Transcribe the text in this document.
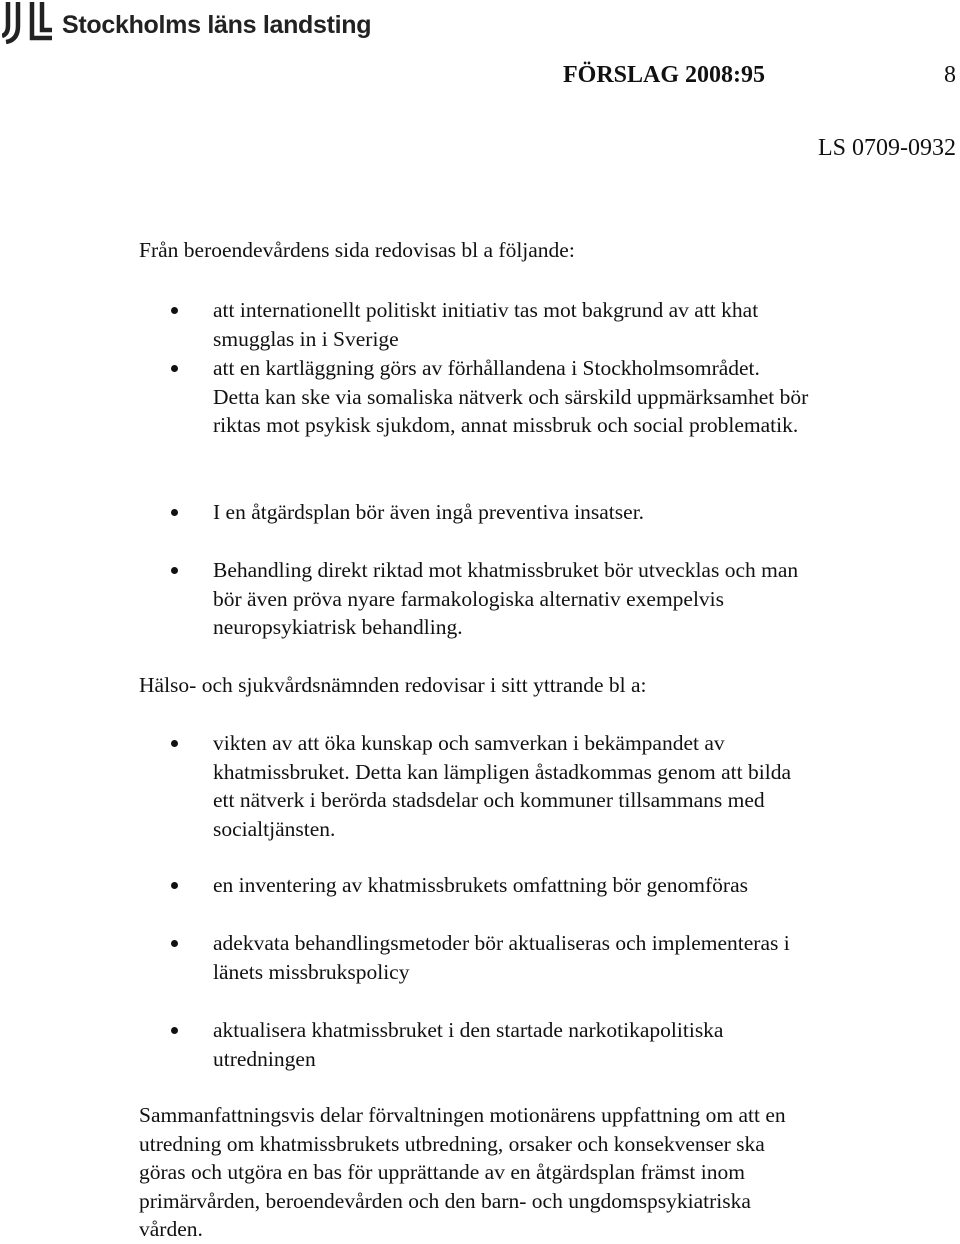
Stockholms läns landsting
FÖRSLAG 2008:95	8
LS 0709-0932
Från beroendevårdens sida redovisas bl a följande:
att internationellt politiskt initiativ tas mot bakgrund av att khat
smugglas in i Sverige
att en kartläggning görs av förhållandena i Stockholmsområdet.
Detta kan ske via somaliska nätverk och särskild uppmärksamhet bör
riktas mot psykisk sjukdom, annat missbruk och social problematik.
I en åtgärdsplan bör även ingå preventiva insatser.
Behandling direkt riktad mot khatmissbruket bör utvecklas och man
bör även pröva nyare farmakologiska alternativ exempelvis
neuropsykiatrisk behandling.
Hälso- och sjukvårdsnämnden redovisar i sitt yttrande bl a:
vikten av att öka kunskap och samverkan i bekämpandet av
khatmissbruket. Detta kan lämpligen åstadkommas genom att bilda
ett nätverk i berörda stadsdelar och kommuner tillsammans med
socialtjänsten.
en inventering av khatmissbrukets omfattning bör genomföras
adekvata behandlingsmetoder bör aktualiseras och implementeras i
länets missbrukspolicy
aktualisera khatmissbruket i den startade narkotikapolitiska
utredningen
Sammanfattningsvis delar förvaltningen motionärens uppfattning om att en
utredning om khatmissbrukets utbredning, orsaker och konsekvenser ska
göras och utgöra en bas för upprättande av en åtgärdsplan främst inom
primärvården, beroendevården och den barn- och ungdomspsykiatriska
vården.
